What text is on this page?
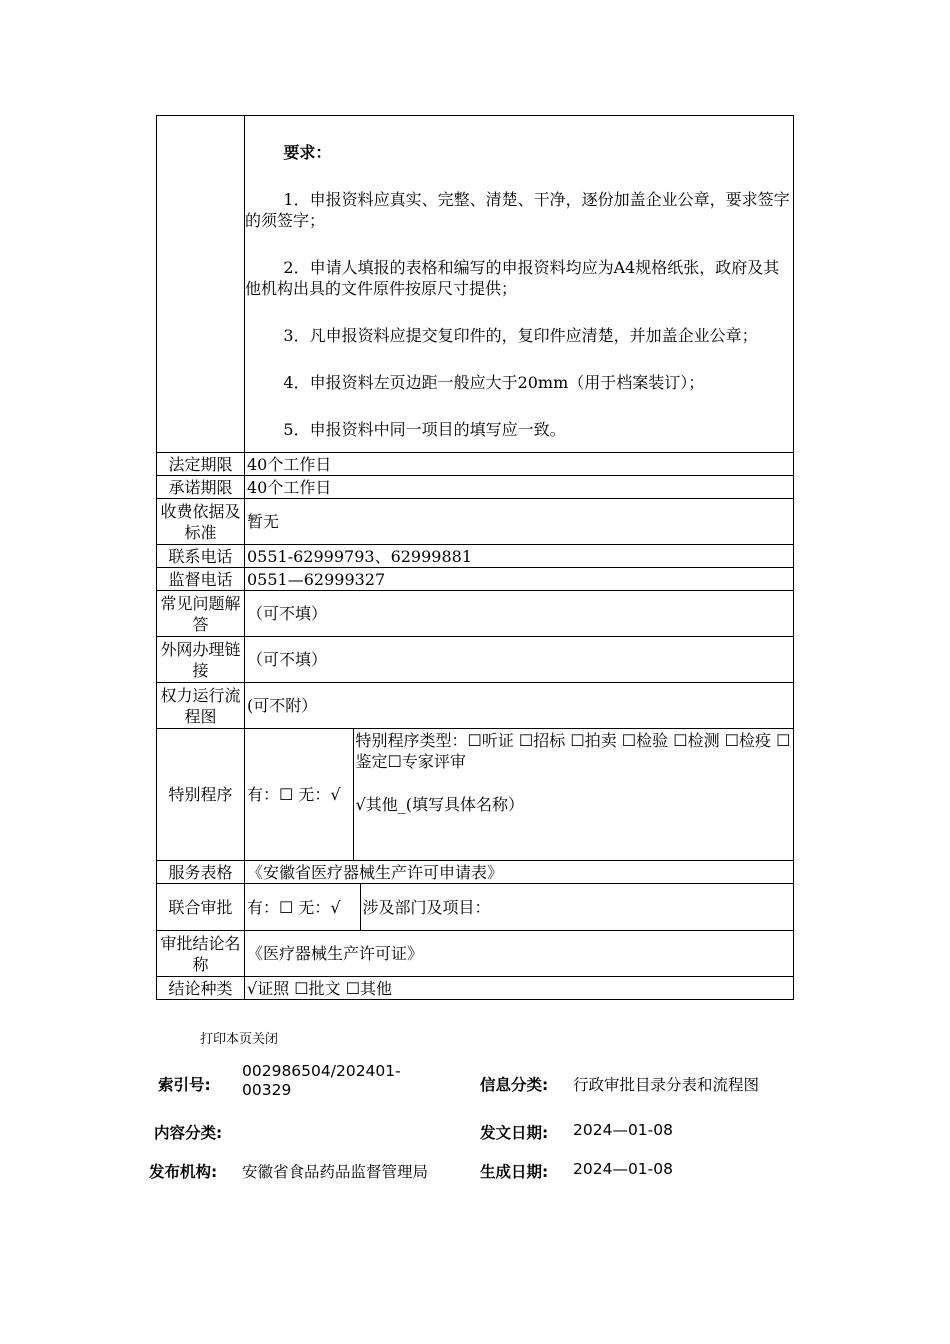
要求：

1．申报资料应真实、完整、清楚、干净，逐份加盖企业公章，要求签字的须签字；

2．申请人填报的表格和编写的申报资料均应为A4规格纸张，政府及其他机构出具的文件原件按原尺寸提供；

3．凡申报资料应提交复印件的，复印件应清楚，并加盖企业公章；

4．申报资料左页边距一般应大于20mm（用于档案装订）；

5．申报资料中同一项目的填写应一致。

法定期限	40个工作日
承诺期限	40个工作日
收费依据及标准	暂无
联系电话	0551-62999793、62999881
监督电话	0551—62999327
常见问题解答	（可不填）
外网办理链接	（可不填）
权力运行流程图	(可不附）
特别程序	有：☐ 无：√	
特别程序类型：☐听证 ☐招标 ☐拍卖 ☐检验 ☐检测 ☐检疫 ☐鉴定☐专家评审
√其他_(填写具体名称）

服务表格	《安徽省医疗器械生产许可申请表》
联合审批	有：☐ 无：√	涉及部门及项目：

审批结论名称	《医疗器械生产许可证》
结论种类	√证照 ☐批文 ☐其他
打印本页关闭
索引号:
002986504/202401-00329	信息分类: 行政审批目录分表和流程图
内容分类:	发文日期: 2024—01-08
发布机构: 安徽省食品药品监督管理局	生成日期: 2024—01-08
